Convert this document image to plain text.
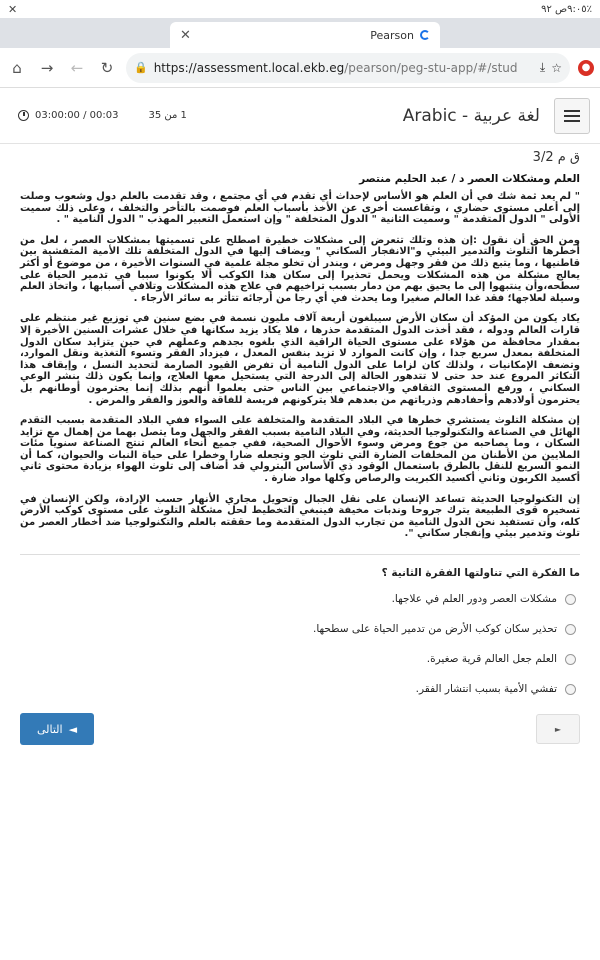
✕	٩:٠٥ص ٩٢٪
✕	Pearson
⌂	→	←	↻	⤓ ☆
https://assessment.local.ekb.eg/pearson/peg-stu-app/#/stud
🔒	●
03:00:00 / 00:03	1 من 35	Arabic - لغة عربية
ق م 3/2
العلم ومشكلات العصر د / عبد الحليم منتصر

" لم يعد ثمة شك في أن العلم هو الأساس لإحداث أي تقدم في أي مجتمع ، وقد تقدمت بالعلم دول وشعوب وصلت إلى أعلى مستوى حضاري ، وتقاعست أخرى عن الأخذ بأسباب العلم فوصمت بالتأخر والتخلف ، وعلى ذلك سميت الأولى " الدول المتقدمة " وسميت الثانية " الدول المتخلفة " وإن استعمل التعبير المهذب " الدول النامية " .

ومن الحق أن نقول :إن هذه وتلك تتعرض إلى مشكلات خطيرة اصطلح على تسميتها بمشكلات العصر ، لعل من أخطرها التلوث والتدمير البيئي و"الانفجار السكاني " ويضاف إليها في الدول المتخلفة تلك الأمية المتفشية بين قاطنيها ، وما يتبع ذلك من فقر وجهل ومرض ، ويندر أن تخلو مجلة علمية في السنوات الأخيرة ، من موضوع أو أكثر يعالج مشكلة من هذه المشكلات ويحمل تحذيرا إلى سكان هذا الكوكب ألا يكونوا سببا في تدمير الحياة على سطحه،وأن ينتبهوا إلى ما يحيق بهم من دمار بسبب تراخيهم في علاج هذه المشكلات وتلافي أسبابها ، واتخاذ العلم وسيلة لعلاجها؛ فقد غدا العالم صغيرا وما يحدث في أي رجا من أرجائه تتأثر به سائر الأرجاء .

يكاد يكون من المؤكد أن سكان الأرض سيبلغون أربعة آلاف مليون نسمة في بضع سنين في توزيع غير منتظم على قارات العالم ودوله ، فقد أخذت الدول المتقدمة حذرها ، فلا يكاد يزيد سكانها في خلال عشرات السنين الأخيرة إلا بمقدار محافظة من هؤلاء على مستوى الحياة الراقية الذي بلغوه بجدهم وعملهم في حين يتزايد سكان الدول المتخلفة بمعدل سريع جدا ، وإن كانت الموارد لا تزيد بنفس المعدل ، فيزداد الفقر وتسوء التغذية ونقل الموارد، وتضعف الإمكانيات ، ولذلك كان لزاما على الدول النامية أن تفرض القيود الصارمة لتحديد النسل ، وإيقاف هذا التكاثر المروع عند حد حتى لا تتدهور الحالة إلى الدرجة التي يستحيل معها العلاج، وإنما يكون ذلك بنشر الوعي السكاني ، ورفع المستوى الثقافي والاجتماعي بين الناس حتى يعلموا أنهم بذلك إنما يحترمون أوطانهم بل يحترمون أولادهم وأحفادهم وذرياتهم من بعدهم فلا يتركونهم فريسة للفاقة والعوز والفقر والمرض .

إن مشكلة التلوث يستشري خطرها في البلاد المتقدمة والمتخلفة على السواء ففي البلاد المتقدمة بسبب التقدم الهائل في الصناعة والتكنولوجيا الحديثة، وفي البلاد النامية بسبب الفقر والجهل وما يتصل بهما من إهمال مع تزايد السكان ، وما يصاحبه من جوع ومرض وسوء الأحوال الصحية، ففي جميع أنحاء العالم تنتج الصناعة سنويا مئات الملايين من الأطنان من المخلفات الضارة التي تلوث الجو وتجعله ضارا وخطرا على حياة النبات والحيوان، كما أن النمو السريع للنقل بالطرق باستعمال الوقود ذي الأساس البترولي قد أضاف إلى تلوث الهواء بزيادة محتوى ثاني أكسيد الكربون وثاني أكسيد الكبريت والرصاص وكلها مواد ضارة .

إن التكنولوجيا الحديثة تساعد الإنسان على نقل الجبال وتحويل مجاري الأنهار حسب الإرادة، ولكن الإنسان في تسخيره قوى الطبيعة يترك جروحا وندبات مخيفة فينبغي التخطيط لحل مشكلة التلوث على مستوى كوكب الأرض كله، وأن تستفيد نحن الدول النامية من تجارب الدول المتقدمة وما حققته بالعلم والتكنولوجيا ضد أخطار العصر من تلوث وتدمير بيئي وإنفجار سكاني ".

ما الفكرة التي تناولتها الفقرة الثانية ؟
مشكلات العصر ودور العلم في علاجها.
تحذير سكان كوكب الأرض من تدمير الحياة على سطحها.
العلم جعل العالم قرية صغيرة.
تفشي الأمية بسبب انتشار الفقر.
التالى ◄	►
